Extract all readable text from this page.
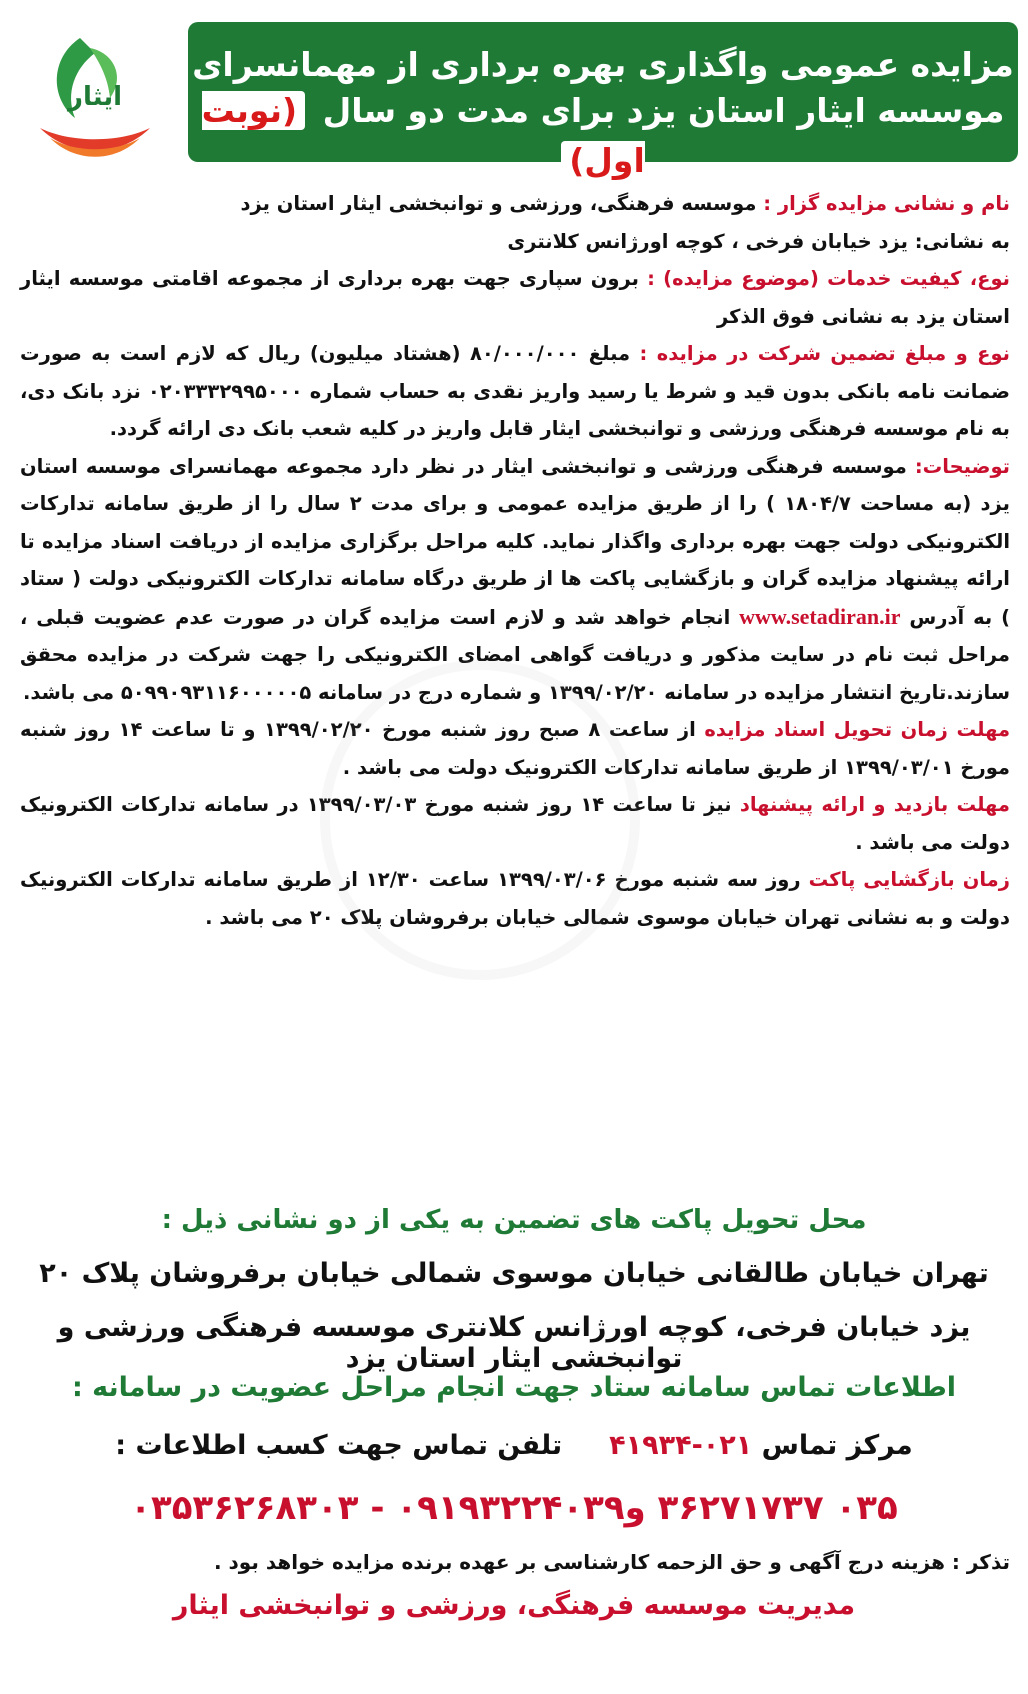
مزایده عمومی واگذاری بهره برداری از مهمانسرای
موسسه ایثار استان یزد برای مدت دو سال (نوبت اول)
ایثار
نام و نشانی مزایده گزار : موسسه فرهنگی، ورزشی و توانبخشی ایثار استان یزد
به نشانی: یزد خیابان فرخی ، کوچه اورژانس کلانتری
نوع، کیفیت خدمات (موضوع مزایده) : برون سپاری جهت بهره برداری از مجموعه اقامتی موسسه ایثار استان یزد به نشانی فوق الذکر
نوع و مبلغ تضمین شرکت در مزایده : مبلغ ۸۰/۰۰۰/۰۰۰ (هشتاد میلیون) ریال که لازم است به صورت ضمانت نامه بانکی بدون قید و شرط یا رسید واریز نقدی به حساب شماره ۰۲۰۳۳۳۲۹۹۵۰۰۰ نزد بانک دی، به نام موسسه فرهنگی ورزشی و توانبخشی ایثار قابل واریز در کلیه شعب بانک دی ارائه گردد.
توضیحات: موسسه فرهنگی ورزشی و توانبخشی ایثار در نظر دارد مجموعه مهمانسرای موسسه استان یزد (به مساحت ۱۸۰۴/۷ ) را از طریق مزایده عمومی و برای مدت ۲ سال را از طریق سامانه تدارکات الکترونیکی دولت جهت بهره برداری واگذار نماید. کلیه مراحل برگزاری مزایده از دریافت اسناد مزایده تا ارائه پیشنهاد مزایده گران و بازگشایی پاکت ها از طریق درگاه سامانه تدارکات الکترونیکی دولت ( ستاد ) به آدرس www.setadiran.ir انجام خواهد شد و لازم است مزایده گران در صورت عدم عضویت قبلی ، مراحل ثبت نام در سایت مذکور و دریافت گواهی امضای الکترونیکی را جهت شرکت در مزایده محقق سازند.تاریخ انتشار مزایده در سامانه ۱۳۹۹/۰۲/۲۰ و شماره درج در سامانه ۵۰۹۹۰۹۳۱۱۶۰۰۰۰۰۵ می باشد.
مهلت زمان تحویل اسناد مزایده از ساعت ۸ صبح روز شنبه مورخ ۱۳۹۹/۰۲/۲۰ و تا ساعت ۱۴ روز شنبه مورخ ۱۳۹۹/۰۳/۰۱ از طریق سامانه تدارکات الکترونیک دولت می باشد .
مهلت بازدید و ارائه پیشنهاد نیز تا ساعت ۱۴ روز شنبه مورخ ۱۳۹۹/۰۳/۰۳ در سامانه تدارکات الکترونیک دولت می باشد .
زمان بازگشایی پاکت روز سه شنبه مورخ ۱۳۹۹/۰۳/۰۶ ساعت ۱۲/۳۰ از طریق سامانه تدارکات الکترونیک دولت و به نشانی تهران خیابان موسوی شمالی خیابان برفروشان پلاک ۲۰ می باشد .
محل تحویل پاکت های تضمین به یکی از دو نشانی ذیل :
تهران خیابان طالقانی خیابان موسوی شمالی خیابان برفروشان پلاک ۲۰
یزد خیابان فرخی، کوچه اورژانس کلانتری موسسه فرهنگی ورزشی و توانبخشی ایثار استان یزد
اطلاعات تماس سامانه ستاد جهت انجام مراحل عضویت در سامانه :
مرکز تماس ۰۲۱-۴۱۹۳۴     تلفن تماس جهت کسب اطلاعات :
۰۳۵ ۳۶۲۷۱۷۳۷ و۰۹۱۹۳۲۲۴۰۳۹ - ۰۳۵۳۶۲۶۸۳۰۳
تذکر : هزینه درج آگهی و حق الزحمه کارشناسی بر عهده برنده مزایده خواهد بود .
مدیریت موسسه فرهنگی، ورزشی و توانبخشی ایثار
